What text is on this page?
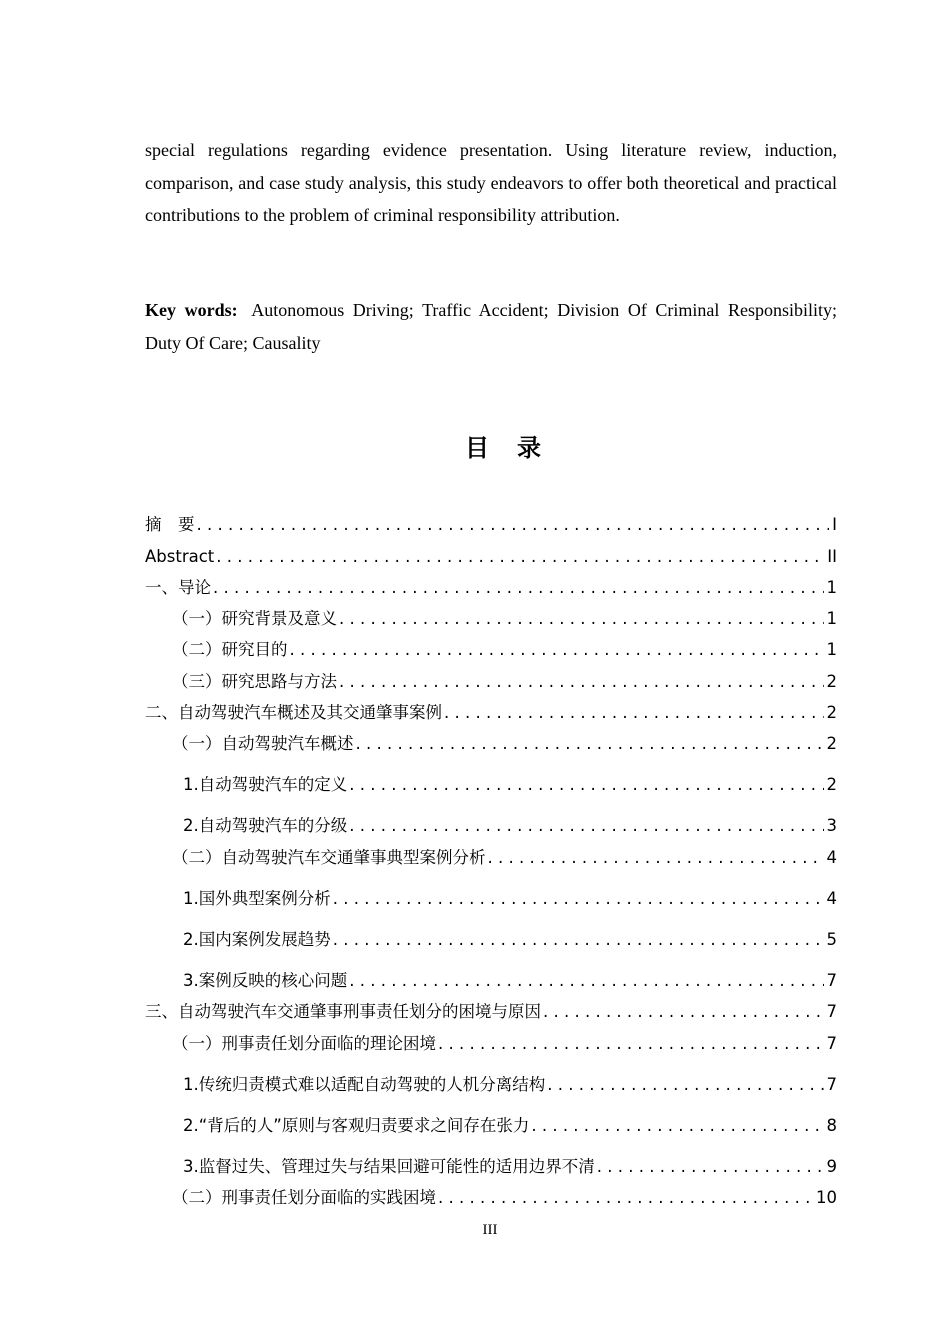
special regulations regarding evidence presentation. Using literature review, induction, comparison, and case study analysis, this study endeavors to offer both theoretical and practical contributions to the problem of criminal responsibility attribution.

Key words: Autonomous Driving; Traffic Accident; Division Of Criminal Responsibility; Duty Of Care; Causality

目录
摘　要 . . .	I
Abstract . . .	II
一、导论 . . .	1
（一）研究背景及意义 . . .	1
（二）研究目的 . . .	1
（三）研究思路与方法 . . .	2
二、自动驾驶汽车概述及其交通肇事案例 . . .	2
（一）自动驾驶汽车概述 . . .	2
1.自动驾驶汽车的定义 . . .	2
2.自动驾驶汽车的分级 . . .	3
（二）自动驾驶汽车交通肇事典型案例分析 . . .	4
1.国外典型案例分析 . . .	4
2.国内案例发展趋势 . . .	5
3.案例反映的核心问题 . . .	7
三、自动驾驶汽车交通肇事刑事责任划分的困境与原因 . . .	7
（一）刑事责任划分面临的理论困境 . . .	7
1.传统归责模式难以适配自动驾驶的人机分离结构 . . .	7
2.“背后的人”原则与客观归责要求之间存在张力 . . .	8
3.监督过失、管理过失与结果回避可能性的适用边界不清 . . .	9
（二）刑事责任划分面临的实践困境 . . .	10
III
